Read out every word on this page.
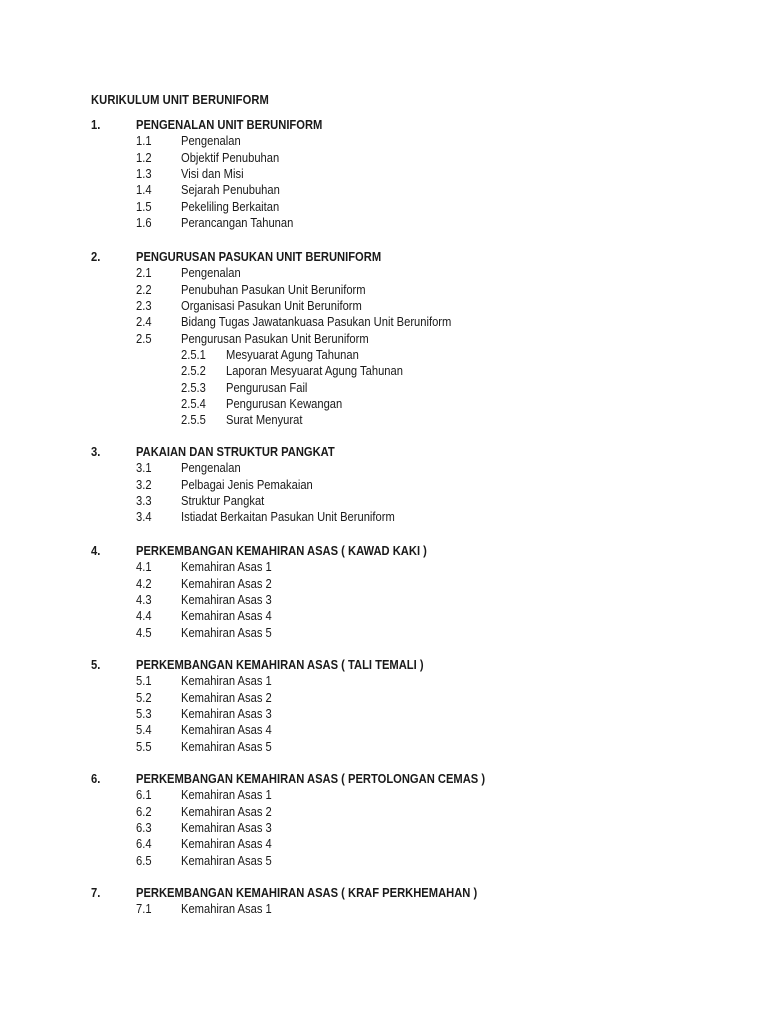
KURIKULUM UNIT BERUNIFORM
1.	PENGENALAN UNIT BERUNIFORM
1.1 Pengenalan
1.2 Objektif Penubuhan
1.3 Visi dan Misi
1.4 Sejarah Penubuhan
1.5 Pekeliling Berkaitan
1.6 Perancangan Tahunan
2.	PENGURUSAN PASUKAN UNIT BERUNIFORM
2.1 Pengenalan
2.2 Penubuhan Pasukan Unit Beruniform
2.3 Organisasi Pasukan Unit Beruniform
2.4 Bidang Tugas Jawatankuasa Pasukan Unit Beruniform
2.5 Pengurusan Pasukan Unit Beruniform
2.5.1 Mesyuarat Agung Tahunan
2.5.2 Laporan Mesyuarat Agung Tahunan
2.5.3 Pengurusan Fail
2.5.4 Pengurusan Kewangan
2.5.5 Surat Menyurat
3.	PAKAIAN DAN STRUKTUR PANGKAT
3.1 Pengenalan
3.2 Pelbagai Jenis Pemakaian
3.3 Struktur Pangkat
3.4 Istiadat Berkaitan Pasukan Unit Beruniform
4.	PERKEMBANGAN KEMAHIRAN ASAS ( KAWAD KAKI )
4.1 Kemahiran Asas 1
4.2 Kemahiran Asas 2
4.3 Kemahiran Asas 3
4.4 Kemahiran Asas 4
4.5 Kemahiran Asas 5
5.	PERKEMBANGAN KEMAHIRAN ASAS ( TALI TEMALI )
5.1 Kemahiran Asas 1
5.2 Kemahiran Asas 2
5.3 Kemahiran Asas 3
5.4 Kemahiran Asas 4
5.5 Kemahiran Asas 5
6.	PERKEMBANGAN KEMAHIRAN ASAS ( PERTOLONGAN CEMAS )
6.1 Kemahiran Asas 1
6.2 Kemahiran Asas 2
6.3 Kemahiran Asas 3
6.4 Kemahiran Asas 4
6.5 Kemahiran Asas 5
7.	PERKEMBANGAN KEMAHIRAN ASAS ( KRAF PERKHEMAHAN )
7.1 Kemahiran Asas 1
